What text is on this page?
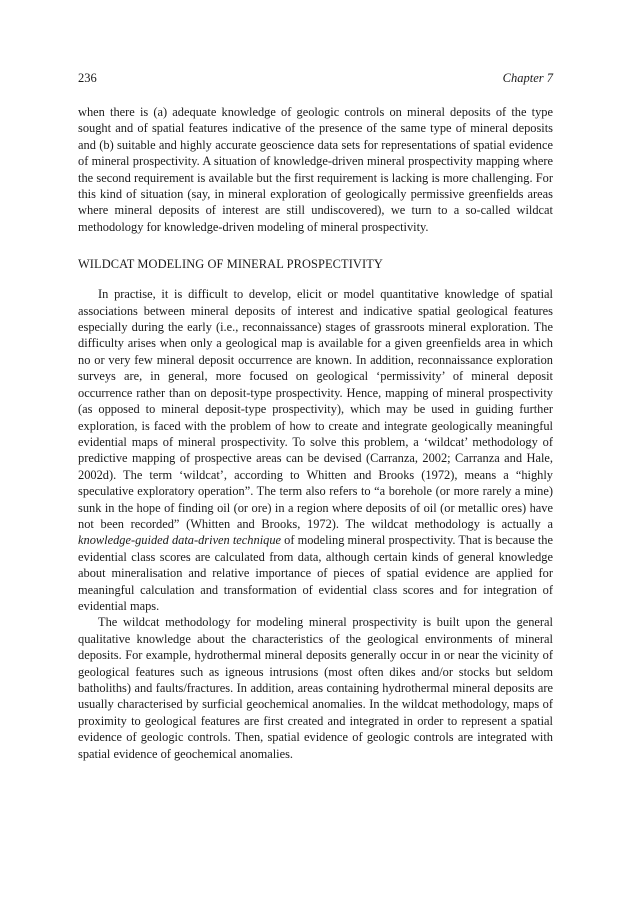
236	Chapter 7

when there is (a) adequate knowledge of geologic controls on mineral deposits of the type sought and of spatial features indicative of the presence of the same type of mineral deposits and (b) suitable and highly accurate geoscience data sets for representations of spatial evidence of mineral prospectivity. A situation of knowledge-driven mineral prospectivity mapping where the second requirement is available but the first requirement is lacking is more challenging. For this kind of situation (say, in mineral exploration of geologically permissive greenfields areas where mineral deposits of interest are still undiscovered), we turn to a so-called wildcat methodology for knowledge-driven modeling of mineral prospectivity.

WILDCAT MODELING OF MINERAL PROSPECTIVITY

In practise, it is difficult to develop, elicit or model quantitative knowledge of spatial associations between mineral deposits of interest and indicative spatial geological features especially during the early (i.e., reconnaissance) stages of grassroots mineral exploration. The difficulty arises when only a geological map is available for a given greenfields area in which no or very few mineral deposit occurrence are known. In addition, reconnaissance exploration surveys are, in general, more focused on geological ‘permissivity’ of mineral deposit occurrence rather than on deposit-type prospectivity. Hence, mapping of mineral prospectivity (as opposed to mineral deposit-type prospectivity), which may be used in guiding further exploration, is faced with the problem of how to create and integrate geologically meaningful evidential maps of mineral prospectivity. To solve this problem, a ‘wildcat’ methodology of predictive mapping of prospective areas can be devised (Carranza, 2002; Carranza and Hale, 2002d). The term ‘wildcat’, according to Whitten and Brooks (1972), means a “highly speculative exploratory operation”. The term also refers to “a borehole (or more rarely a mine) sunk in the hope of finding oil (or ore) in a region where deposits of oil (or metallic ores) have not been recorded” (Whitten and Brooks, 1972). The wildcat methodology is actually a knowledge-guided data-driven technique of modeling mineral prospectivity. That is because the evidential class scores are calculated from data, although certain kinds of general knowledge about mineralisation and relative importance of pieces of spatial evidence are applied for meaningful calculation and transformation of evidential class scores and for integration of evidential maps.

The wildcat methodology for modeling mineral prospectivity is built upon the general qualitative knowledge about the characteristics of the geological environments of mineral deposits. For example, hydrothermal mineral deposits generally occur in or near the vicinity of geological features such as igneous intrusions (most often dikes and/or stocks but seldom batholiths) and faults/fractures. In addition, areas containing hydrothermal mineral deposits are usually characterised by surficial geochemical anomalies. In the wildcat methodology, maps of proximity to geological features are first created and integrated in order to represent a spatial evidence of geologic controls. Then, spatial evidence of geologic controls are integrated with spatial evidence of geochemical anomalies.
